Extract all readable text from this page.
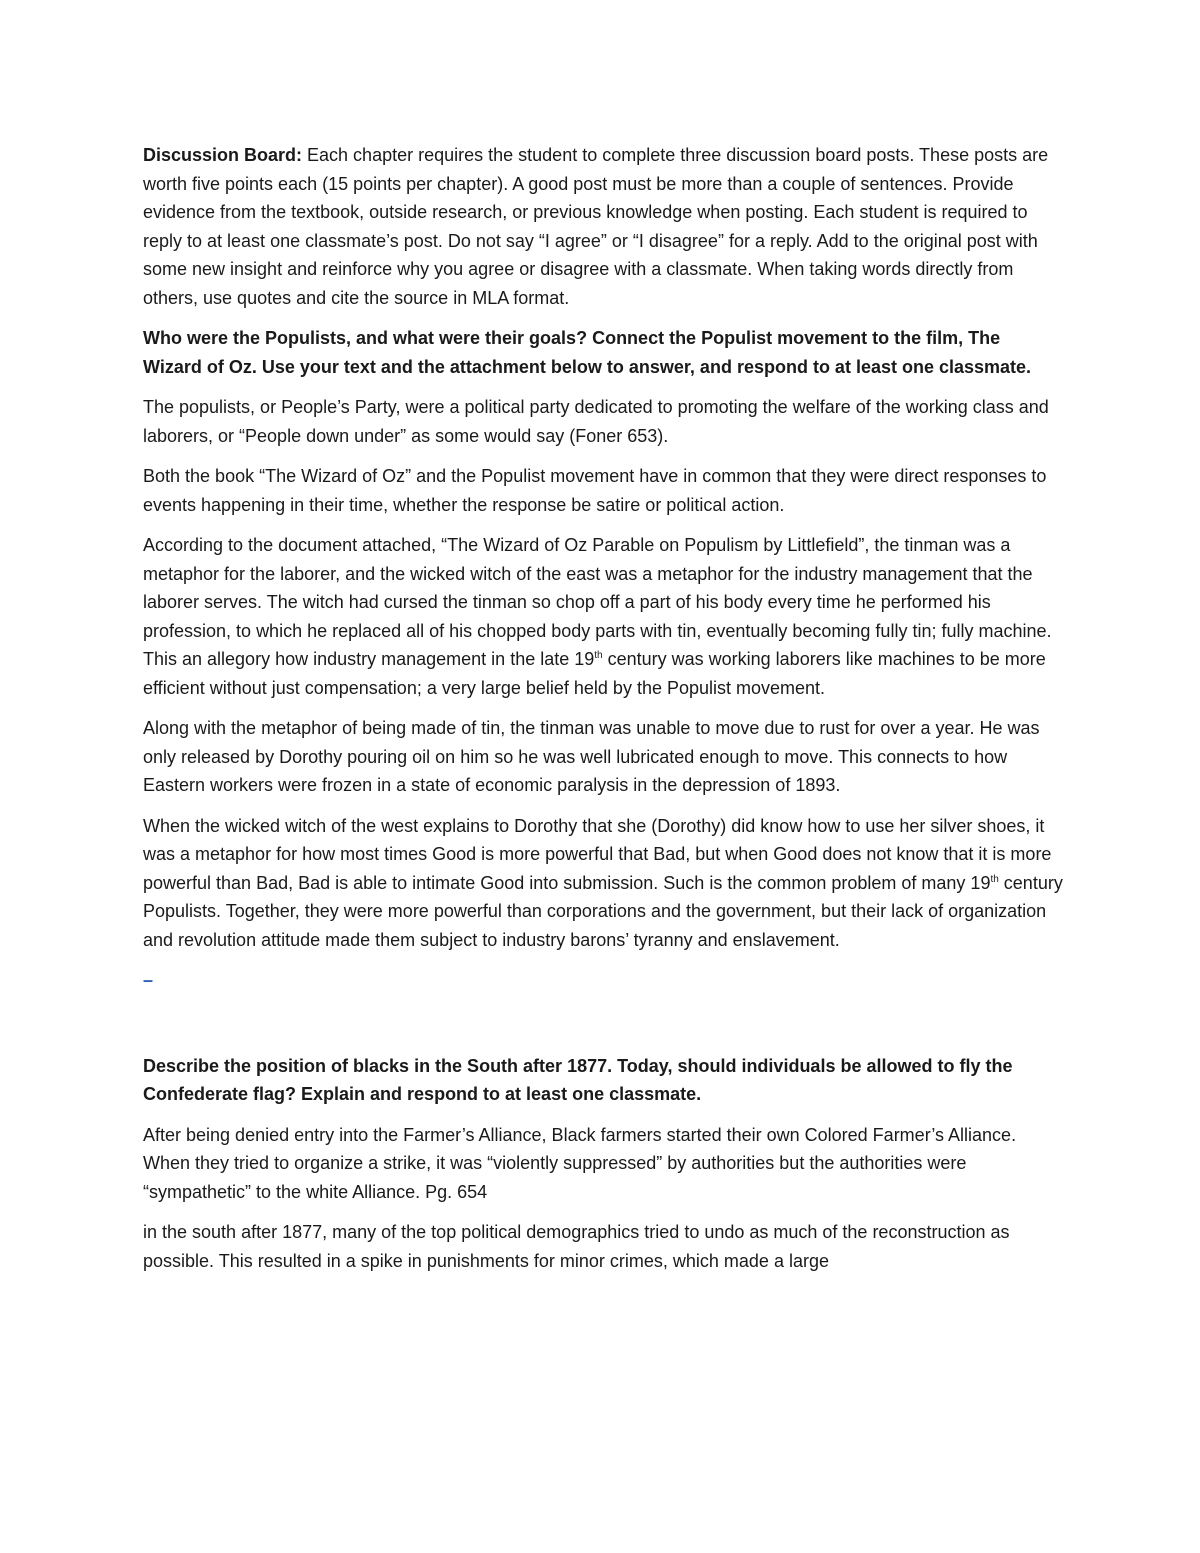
Discussion Board: Each chapter requires the student to complete three discussion board posts. These posts are worth five points each (15 points per chapter). A good post must be more than a couple of sentences. Provide evidence from the textbook, outside research, or previous knowledge when posting. Each student is required to reply to at least one classmate’s post. Do not say “I agree” or “I disagree” for a reply. Add to the original post with some new insight and reinforce why you agree or disagree with a classmate. When taking words directly from others, use quotes and cite the source in MLA format.

Who were the Populists, and what were their goals? Connect the Populist movement to the film, The Wizard of Oz. Use your text and the attachment below to answer, and respond to at least one classmate.

The populists, or People’s Party, were a political party dedicated to promoting the welfare of the working class and laborers, or “People down under” as some would say (Foner 653).

Both the book “The Wizard of Oz” and the Populist movement have in common that they were direct responses to events happening in their time, whether the response be satire or political action.

According to the document attached, “The Wizard of Oz Parable on Populism by Littlefield”, the tinman was a metaphor for the laborer, and the wicked witch of the east was a metaphor for the industry management that the laborer serves. The witch had cursed the tinman so chop off a part of his body every time he performed his profession, to which he replaced all of his chopped body parts with tin, eventually becoming fully tin; fully machine. This an allegory how industry management in the late 19th century was working laborers like machines to be more efficient without just compensation; a very large belief held by the Populist movement.

Along with the metaphor of being made of tin, the tinman was unable to move due to rust for over a year. He was only released by Dorothy pouring oil on him so he was well lubricated enough to move. This connects to how Eastern workers were frozen in a state of economic paralysis in the depression of 1893.

When the wicked witch of the west explains to Dorothy that she (Dorothy) did know how to use her silver shoes, it was a metaphor for how most times Good is more powerful that Bad, but when Good does not know that it is more powerful than Bad, Bad is able to intimate Good into submission. Such is the common problem of many 19th century Populists. Together, they were more powerful than corporations and the government, but their lack of organization and revolution attitude made them subject to industry barons’ tyranny and enslavement.

–

Describe the position of blacks in the South after 1877. Today, should individuals be allowed to fly the Confederate flag? Explain and respond to at least one classmate.

After being denied entry into the Farmer’s Alliance, Black farmers started their own Colored Farmer’s Alliance. When they tried to organize a strike, it was “violently suppressed” by authorities but the authorities were “sympathetic” to the white Alliance. Pg. 654

in the south after 1877, many of the top political demographics tried to undo as much of the reconstruction as possible. This resulted in a spike in punishments for minor crimes, which made a large
